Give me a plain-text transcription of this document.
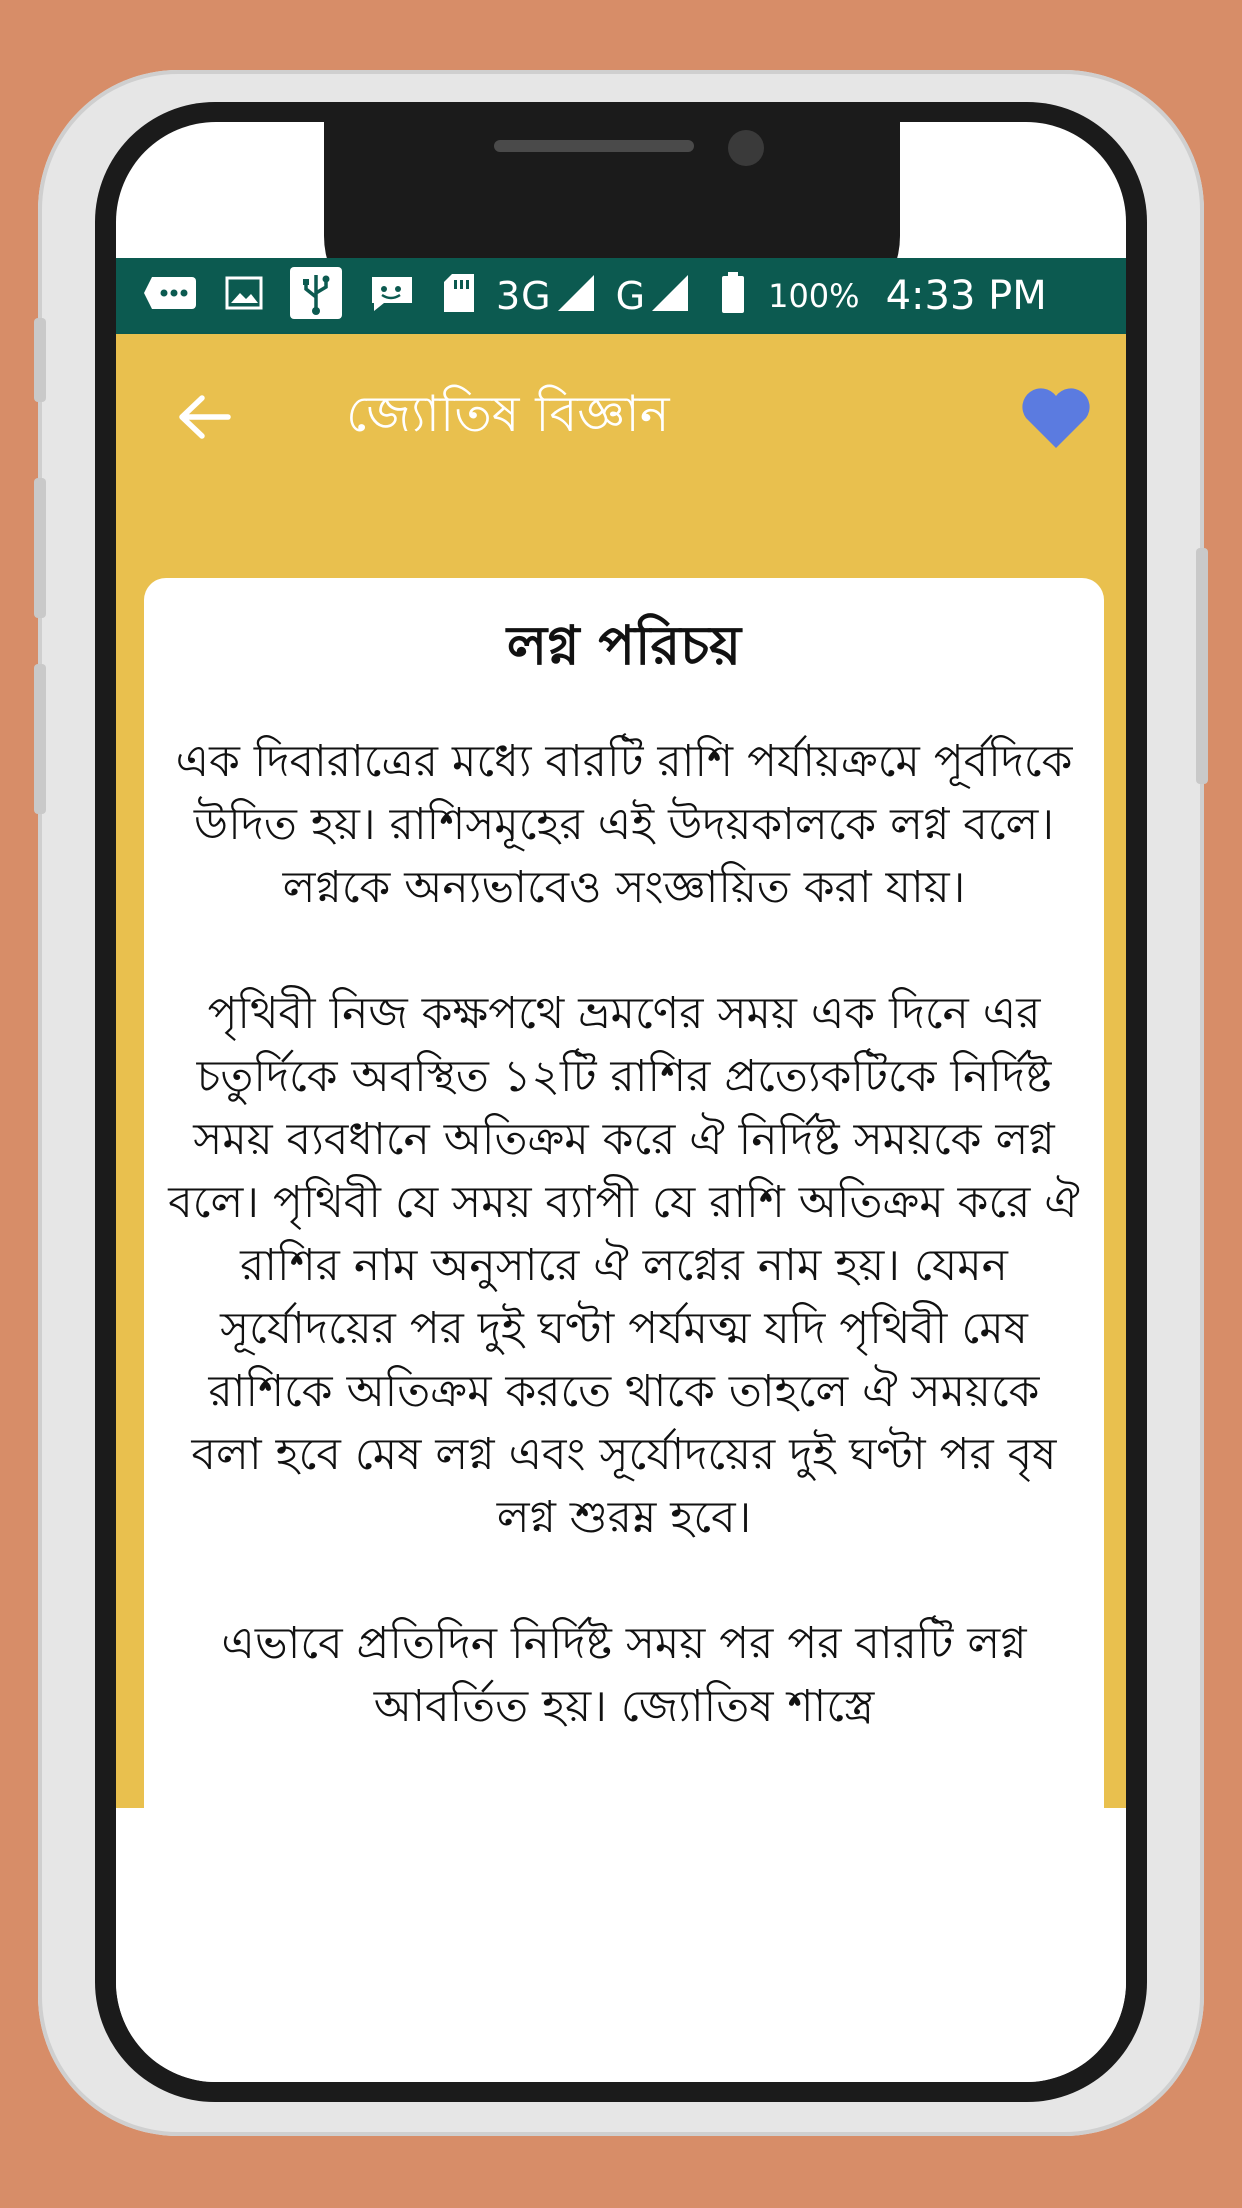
3G G	100% 4:33 PM
জ্যোতিষ বিজ্ঞান
লগ্ন পরিচয়

এক দিবারাত্রের মধ্যে বারটি রাশি পর্যায়ক্রমে পূর্বদিকে উদিত হয়। রাশিসমূহের এই উদয়কালকে লগ্ন বলে। লগ্নকে অন্যভাবেও সংজ্ঞায়িত করা যায়।

পৃথিবী নিজ কক্ষপথে ভ্রমণের সময় এক দিনে এর চতুর্দিকে অবস্থিত ১২টি রাশির প্রত্যেকটিকে নির্দিষ্ট সময় ব্যবধানে অতিক্রম করে ঐ নির্দিষ্ট সময়কে লগ্ন বলে। পৃথিবী যে সময় ব্যাপী যে রাশি অতিক্রম করে ঐ রাশির নাম অনুসারে ঐ লগ্নের নাম হয়। যেমন সূর্যোদয়ের পর দুই ঘণ্টা পর্যমত্ম যদি পৃথিবী মেষ রাশিকে অতিক্রম করতে থাকে তাহলে ঐ সময়কে বলা হবে মেষ লগ্ন এবং সূর্যোদয়ের দুই ঘণ্টা পর বৃষ লগ্ন শুরম্ন হবে।

এভাবে প্রতিদিন নির্দিষ্ট সময় পর পর বারটি লগ্ন আবর্তিত হয়। জ্যোতিষ শাস্ত্রে
